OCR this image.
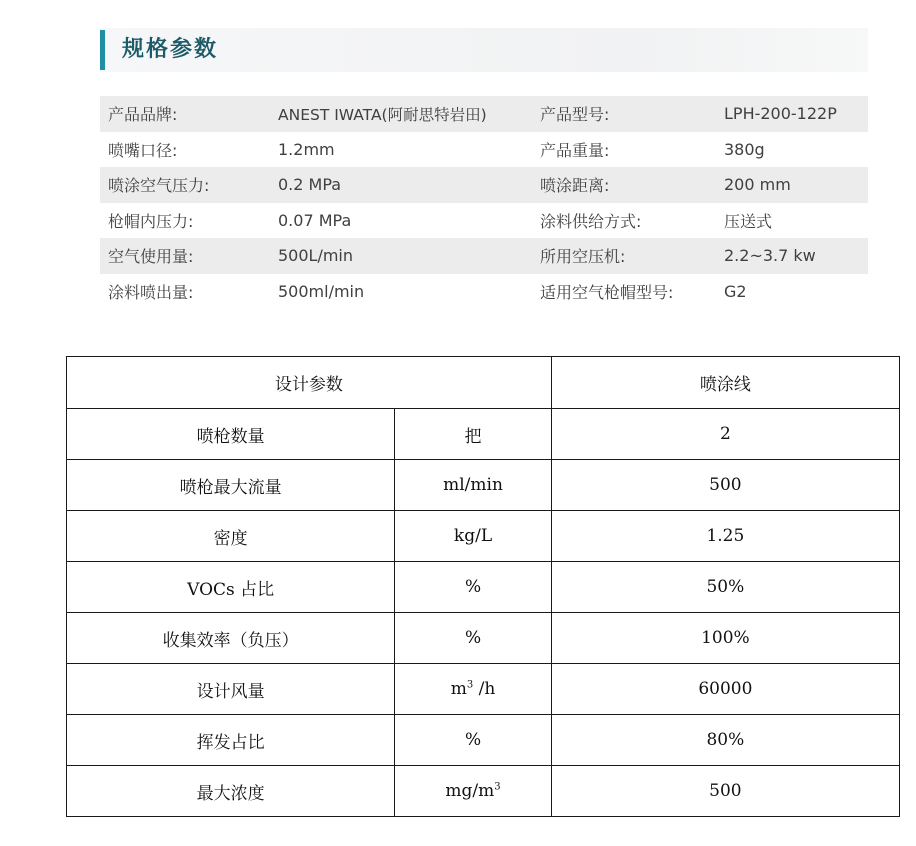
规格参数
产品品牌:	ANEST IWATA(阿耐思特岩田)	产品型号:	LPH-200-122P
喷嘴口径:	1.2mm	产品重量:	380g
喷涂空气压力:	0.2 MPa	喷涂距离:	200 mm
枪帽内压力:	0.07 MPa	涂料供给方式:	压送式
空气使用量:	500L/min	所用空压机:	2.2~3.7 kw
涂料喷出量:	500ml/min	适用空气枪帽型号:	G2
设计参数		喷涂线
喷枪数量	把	2
喷枪最大流量	ml/min	500
密度	kg/L	1.25
VOCs 占比	%	50%
收集效率（负压）	%	100%
设计风量	$m^3$ /h	60000
挥发占比	%	80%
最大浓度	$mg/m^3$	500
